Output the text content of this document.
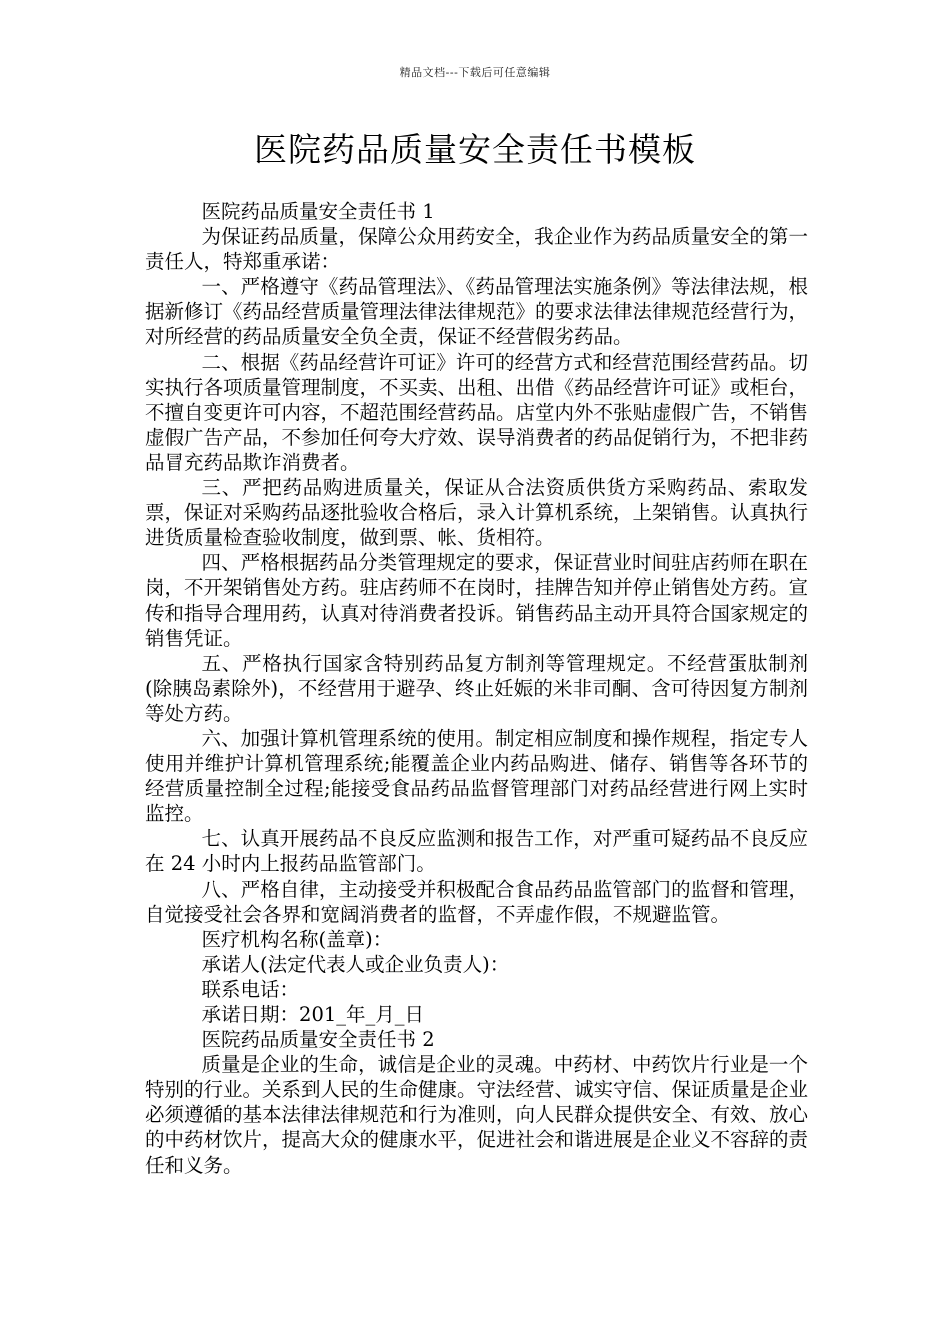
精品文档---下载后可任意编辑
医院药品质量安全责任书模板

医院药品质量安全责任书 1

为保证药品质量，保障公众用药安全，我企业作为药品质量安全的第一责任人，特郑重承诺：

一、严格遵守《药品管理法》、《药品管理法实施条例》等法律法规，根据新修订《药品经营质量管理法律法律规范》的要求法律法律规范经营行为，对所经营的药品质量安全负全责，保证不经营假劣药品。

二、根据《药品经营许可证》许可的经营方式和经营范围经营药品。切实执行各项质量管理制度，不买卖、出租、出借《药品经营许可证》或柜台，不擅自变更许可内容，不超范围经营药品。店堂内外不张贴虚假广告，不销售虚假广告产品，不参加任何夸大疗效、误导消费者的药品促销行为，不把非药品冒充药品欺诈消费者。

三、严把药品购进质量关，保证从合法资质供货方采购药品、索取发票，保证对采购药品逐批验收合格后，录入计算机系统，上架销售。认真执行进货质量检查验收制度，做到票、帐、货相符。

四、严格根据药品分类管理规定的要求，保证营业时间驻店药师在职在岗，不开架销售处方药。驻店药师不在岗时，挂牌告知并停止销售处方药。宣传和指导合理用药，认真对待消费者投诉。销售药品主动开具符合国家规定的销售凭证。

五、严格执行国家含特别药品复方制剂等管理规定。不经营蛋肽制剂(除胰岛素除外)，不经营用于避孕、终止妊娠的米非司酮、含可待因复方制剂等处方药。

六、加强计算机管理系统的使用。制定相应制度和操作规程，指定专人使用并维护计算机管理系统;能覆盖企业内药品购进、储存、销售等各环节的经营质量控制全过程;能接受食品药品监督管理部门对药品经营进行网上实时监控。

七、认真开展药品不良反应监测和报告工作，对严重可疑药品不良反应在 24 小时内上报药品监管部门。

八、严格自律，主动接受并积极配合食品药品监管部门的监督和管理，自觉接受社会各界和宽阔消费者的监督，不弄虚作假，不规避监管。

医疗机构名称(盖章)：

承诺人(法定代表人或企业负责人)：

联系电话：

承诺日期：201_年_月_日

医院药品质量安全责任书 2

质量是企业的生命，诚信是企业的灵魂。中药材、中药饮片行业是一个特别的行业。关系到人民的生命健康。守法经营、诚实守信、保证质量是企业必须遵循的基本法律法律规范和行为准则，向人民群众提供安全、有效、放心的中药材饮片，提高大众的健康水平，促进社会和谐进展是企业义不容辞的责任和义务。
